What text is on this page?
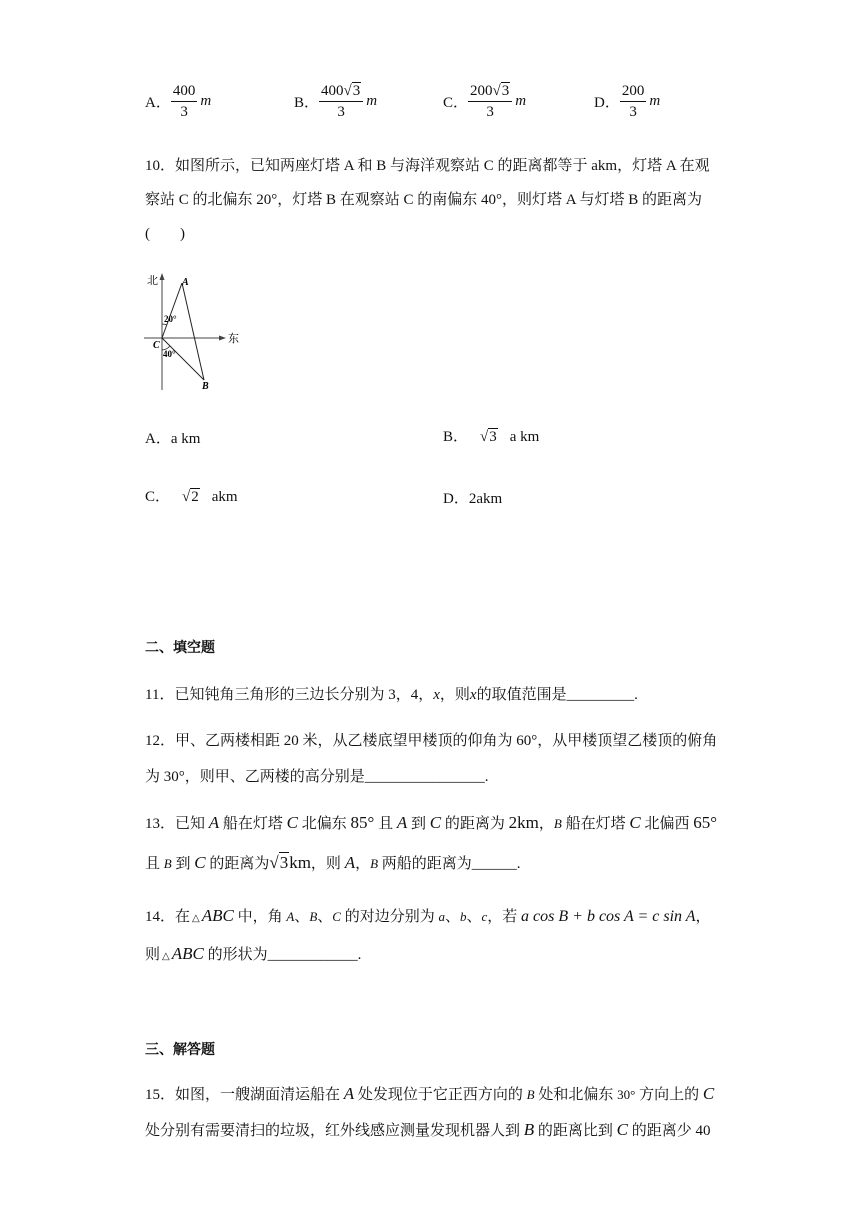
A． $\frac{400}{3}$ m	B． $\frac{400√3}{3}$ m	C． $\frac{200√3}{3}$ m	D． $\frac{200}{3}$ m
10．如图所示，已知两座灯塔 A 和 B 与海洋观察站 C 的距离都等于 akm，灯塔 A 在观
察站 C 的北偏东 20°，灯塔 B 在观察站 C 的南偏东 40°，则灯塔 A 与灯塔 B 的距离为
(　　)
北
东
A
B
C
20°
40°
A．a km	B． √3 a km
C． √2 akm	D．2akm
二、填空题
11．已知钝角三角形的三边长分别为 3，4，x，则x的取值范围是_________.
12．甲、乙两楼相距 20 米，从乙楼底望甲楼顶的仰角为 60°，从甲楼顶望乙楼顶的俯角
为 30°，则甲、乙两楼的高分别是________________.
13．已知 A 船在灯塔 C 北偏东 85° 且 A 到 C 的距离为 2km，B 船在灯塔 C 北偏西 65°
且 B 到 C 的距离为√3km，则 A，B 两船的距离为______.
14．在 △ ABC 中，角 A、B、C 的对边分别为 a、b、c，若 a cos B + b cos A = c sin A，
则 △ ABC 的形状为____________.
三、解答题
15．如图，一艘湖面清运船在 A 处发现位于它正西方向的 B 处和北偏东 30° 方向上的 C
处分别有需要清扫的垃圾，红外线感应测量发现机器人到 B 的距离比到 C 的距离少 40
